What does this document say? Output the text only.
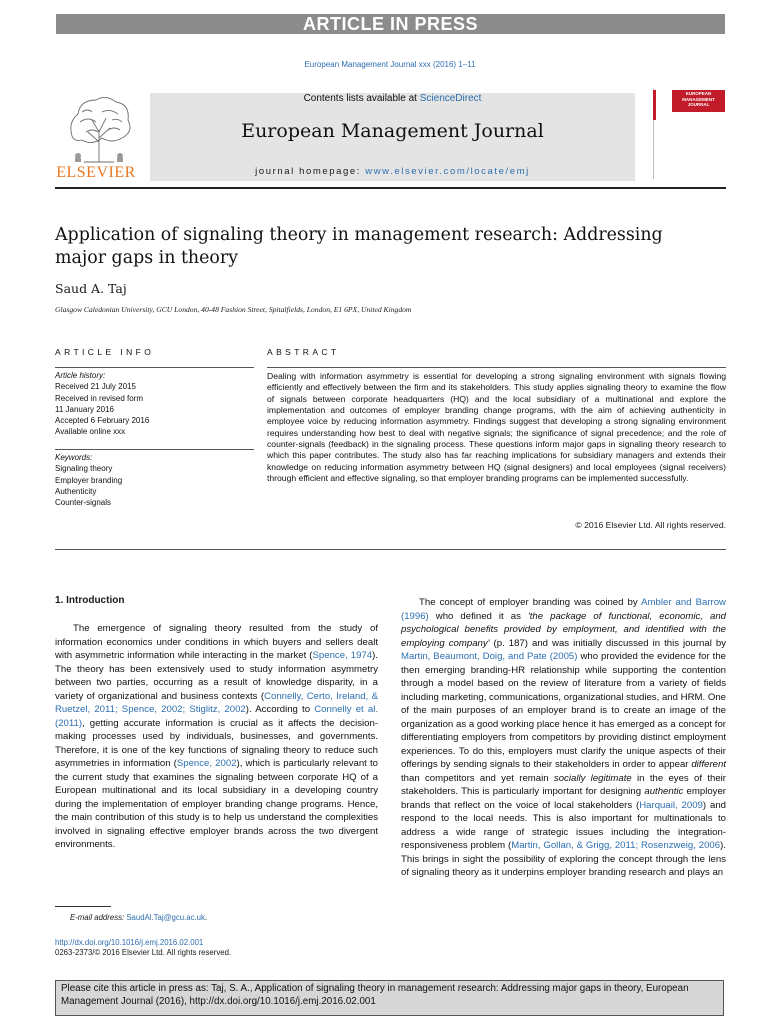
ARTICLE IN PRESS
European Management Journal xxx (2016) 1–11
ELSEVIER
Contents lists available at ScienceDirect
European Management Journal
journal homepage: www.elsevier.com/locate/emj
EUROPEAN MANAGEMENT JOURNAL
Application of signaling theory in management research: Addressing major gaps in theory
Saud A. Taj
Glasgow Caledonian University, GCU London, 40-48 Fashion Street, Spitalfields, London, E1 6PX, United Kingdom
ARTICLE INFO	ABSTRACT
Article history:
Received 21 July 2015
Received in revised form
11 January 2016
Accepted 6 February 2016
Available online xxx
Keywords:
Signaling theory
Employer branding
Authenticity
Counter-signals
Dealing with information asymmetry is essential for developing a strong signaling environment with signals flowing efficiently and effectively between the firm and its stakeholders. This study applies signaling theory to examine the flow of signals between corporate headquarters (HQ) and the local subsidiary of a multinational and explore the implementation and outcomes of employer branding change programs, with the aim of achieving authenticity in employee voice by reducing information asymmetry. Findings suggest that developing a strong signaling environment requires understanding how best to deal with negative signals; the significance of signal precedence; and the role of counter-signals (feedback) in the signaling process. These questions inform major gaps in signaling theory research to which this paper contributes. The study also has far reaching implications for subsidiary managers and extends their knowledge on reducing information asymmetry between HQ (signal designers) and local employees (signal receivers) through efficient and effective signaling, so that employer branding programs can be implemented successfully.
© 2016 Elsevier Ltd. All rights reserved.
1. Introduction
The emergence of signaling theory resulted from the study of information economics under conditions in which buyers and sellers dealt with asymmetric information while interacting in the market (Spence, 1974). The theory has been extensively used to study information asymmetry between two parties, occurring as a result of knowledge disparity, in a variety of organizational and business contexts (Connelly, Certo, Ireland, & Ruetzel, 2011; Spence, 2002; Stiglitz, 2002). According to Connelly et al. (2011), getting accurate information is crucial as it affects the decision-making processes used by individuals, businesses, and governments. Therefore, it is one of the key functions of signaling theory to reduce such asymmetries in information (Spence, 2002), which is particularly relevant to the current study that examines the signaling between corporate HQ of a European multinational and its local subsidiary in a developing country during the implementation of employer branding change programs. Hence, the main contribution of this study is to help us understand the complexities involved in signaling effective employer brands across the two divergent environments.
The concept of employer branding was coined by Ambler and Barrow (1996) who defined it as 'the package of functional, economic, and psychological benefits provided by employment, and identified with the employing company' (p. 187) and was initially discussed in this journal by Martin, Beaumont, Doig, and Pate (2005) who provided the evidence for the then emerging branding-HR relationship while supporting the contention through a model based on the review of literature from a variety of fields including marketing, communications, organizational studies, and HRM. One of the main purposes of an employer brand is to create an image of the organization as a good working place hence it has emerged as a concept for differentiating employers from competitors by providing distinct employment experiences. To do this, employers must clarify the unique aspects of their offerings by sending signals to their stakeholders in order to appear different than competitors and yet remain socially legitimate in the eyes of their stakeholders. This is particularly important for designing authentic employer brands that reflect on the voice of local stakeholders (Harquail, 2009) and respond to the local needs. This is also important for multinationals to address a wide range of strategic issues including the integration-responsiveness problem (Martin, Gollan, & Grigg, 2011; Rosenzweig, 2006). This brings in sight the possibility of exploring the concept through the lens of signaling theory as it underpins employer branding research and plays an
E-mail address: SaudAl.Taj@gcu.ac.uk.
http://dx.doi.org/10.1016/j.emj.2016.02.001
0263-2373/© 2016 Elsevier Ltd. All rights reserved.
Please cite this article in press as: Taj, S. A., Application of signaling theory in management research: Addressing major gaps in theory, European Management Journal (2016), http://dx.doi.org/10.1016/j.emj.2016.02.001
